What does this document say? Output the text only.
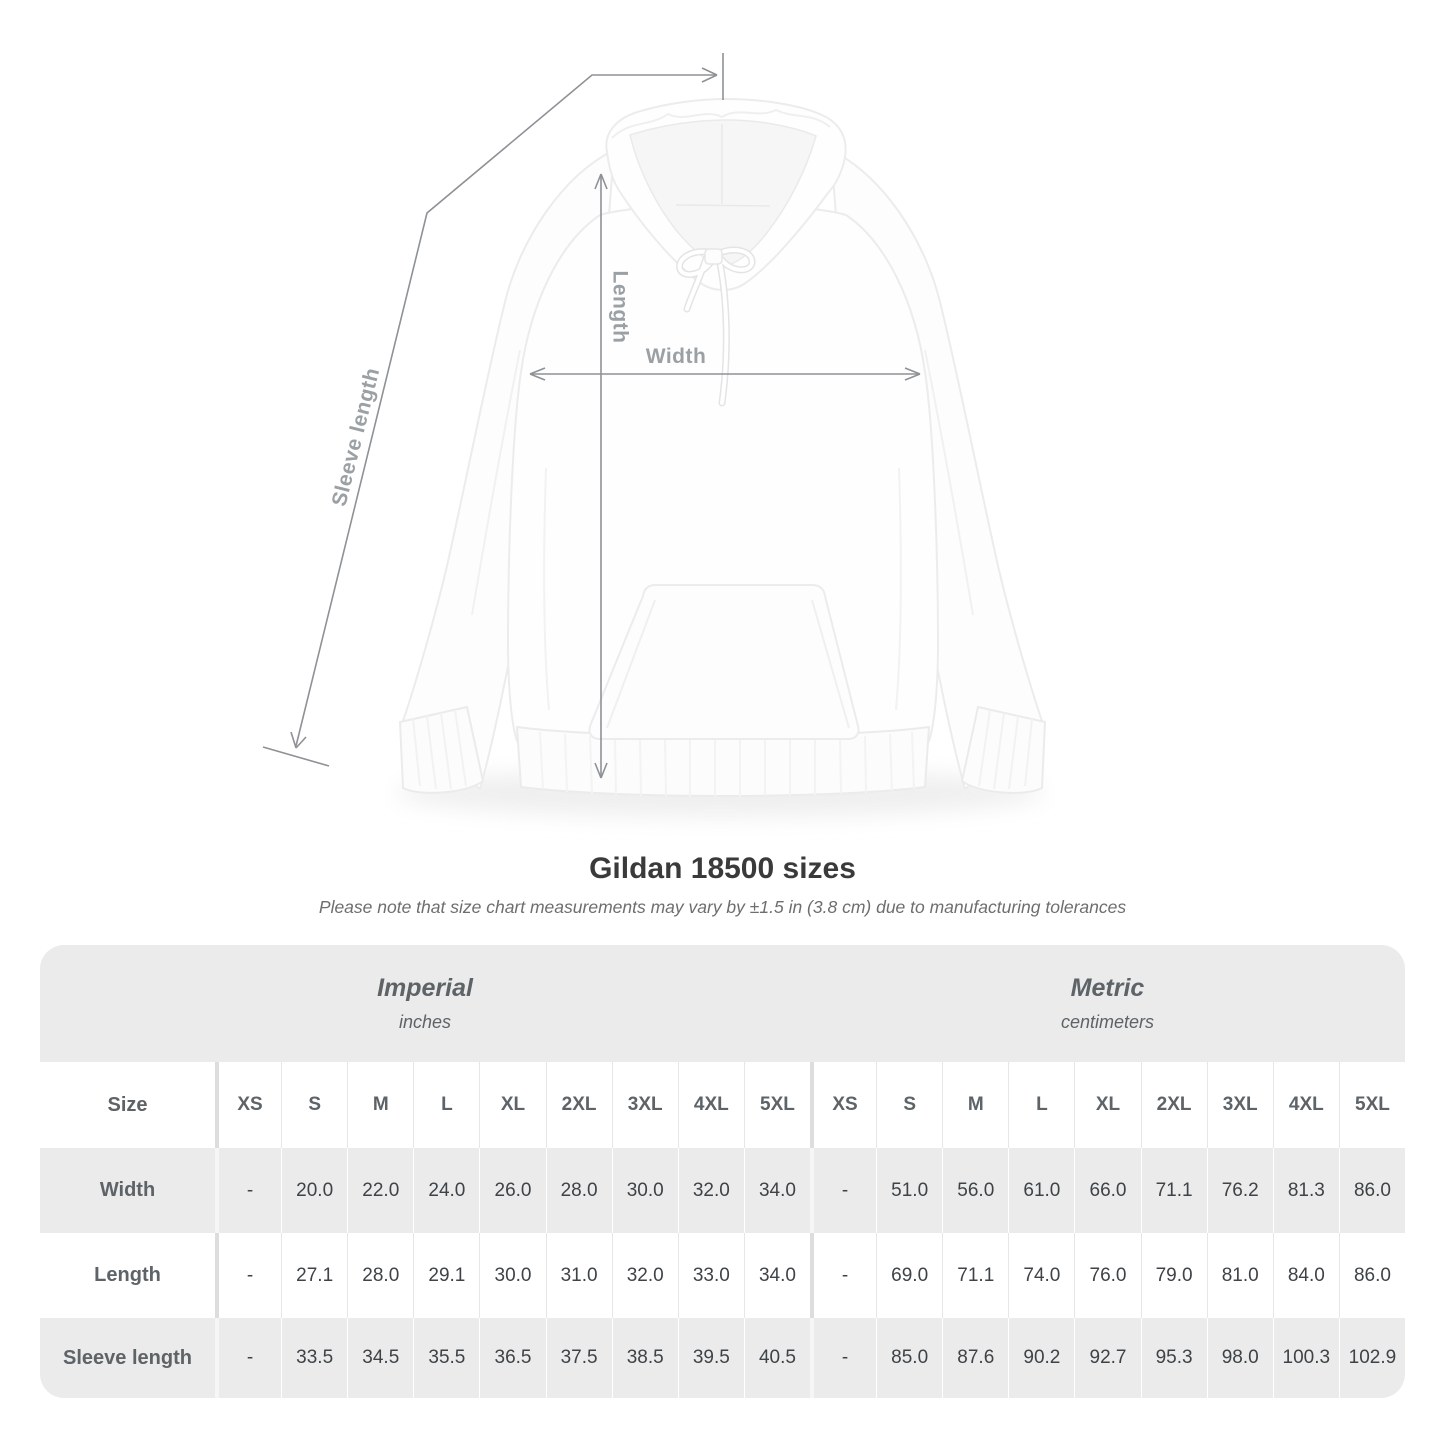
Sleeve length
Length
Width
Gildan 18500 sizes
Please note that size chart measurements may vary by ±1.5 in (3.8 cm) due to manufacturing tolerances
Imperial
inches
Metric
centimeters
Size	XS	S	M	L	XL	2XL	3XL	4XL	5XL	XS	S	M	L	XL	2XL	3XL	4XL	5XL
Width	-	20.0	22.0	24.0	26.0	28.0	30.0	32.0	34.0	-	51.0	56.0	61.0	66.0	71.1	76.2	81.3	86.0
Length	-	27.1	28.0	29.1	30.0	31.0	32.0	33.0	34.0	-	69.0	71.1	74.0	76.0	79.0	81.0	84.0	86.0
Sleeve length	-	33.5	34.5	35.5	36.5	37.5	38.5	39.5	40.5	-	85.0	87.6	90.2	92.7	95.3	98.0	100.3 102.9
